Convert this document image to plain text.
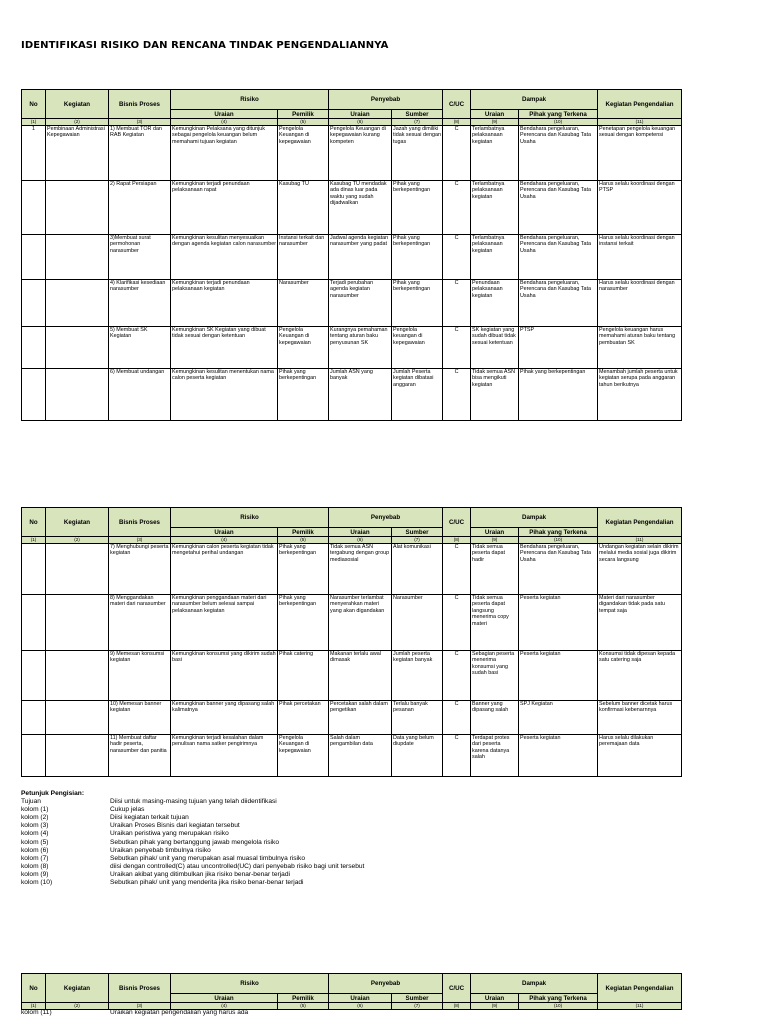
IDENTIFIKASI RISIKO DAN RENCANA TINDAK PENGENDALIANNYA
No	Kegiatan	Bisnis Proses	Risiko		Penyebab		C/UC	Dampak		Kegiatan Pengendalian
			Uraian	Pemilik	Uraian	Sumber		Uraian	Pihak yang Terkena	
(1)	(2)	(3)	(4)	(5)	(6)	(7)	(8)	(9)	(10)	(11)
1	Pembinaan Administrasi Kepegawaian	1) Membuat TOR dan RAB Kegiatan	Kemungkinan Pelaksana yang ditunjuk sebagai pengelola keuangan belum memahami tujuan kegiatan	Pengelola Keuangan di kepegawaian	Pengelola Keuangan di kepegawaian kurang kompeten	Jazah yang dimiliki tidak sesuai dengan tugas	C	Terlambatnya pelaksanaan kegiatan	Bendahara pengeluaran, Perencana dan Kasubag Tata Usaha	Penetapan pengelola keuangan sesuai dengan kompetensi
		2) Rapat Persiapan	Kemungkinan terjadi penundaan pelaksanaan rapat	Kasubag TU	Kasubag TU mendadak ada dinas luar pada waktu yang sudah dijadwalkan	Pihak yang berkepentingan	C	Terlambatnya pelaksanaan kegiatan	Bendahara pengeluaran, Perencana dan Kasubag Tata Usaha	Harus selalu koordinasi dengan PTSP
		3)Membuat surat permohonan narasumber	Kemungkinan kesulitan menyesuaikan dengan agenda kegiatan calon narasumber	Instansi terkait dan narasumber	Jadwal agenda kegiatan narasumber yang padat	Pihak yang berkepentingan	C	Terlambatnya pelaksanaan kegiatan	Bendahara pengeluaran, Perencana dan Kasubag Tata Usaha	Harus selalu koordinasi dengan instansi terkait
		4) Klarifikasi kesediaan narasumber	Kemungkinan terjadi penundaan pelaksanaan kegiatan	Narasumber	Terjadi perubahan agenda kegiatan narasumber	Pihak yang berkepentingan	C	Penundaan pelaksanaan kegiatan	Bendahara pengeluaran, Perencana dan Kasubag Tata Usaha	Harus selalu koordinasi dengan narasumber
		5) Membuat SK Kegiatan	Kemungkinan SK Kegiatan yang dibuat tidak sesuai dengan ketentuan	Pengelola Keuangan di kepegawaian	Kurangnya pemahaman tentang aturan baku penyusunan SK	Pengelola keuangan di kepegawaian	C	SK kegiatan yang sudah dibuat tidak sesuai ketentuan	PTSP	Pengelola keuangan harus memahami aturan baku tentang pembuatan SK
		6) Membuat undangan	Kemungkinan kesulitan menentukan nama calon peserta kegiatan	Pihak yang berkepentingan	Jumlah ASN yang banyak	Jumlah Peserta kegiatan dibatasi anggaran	C	Tidak semua ASN bisa mengikuti kegiatan	Pihak yang berkepentingan	Menambah jumlah peserta untuk kegiatan serupa pada anggaran tahun berikutnya
No	Kegiatan	Bisnis Proses	Risiko		Penyebab		C/UC	Dampak		Kegiatan Pengendalian
			Uraian	Pemilik	Uraian	Sumber		Uraian	Pihak yang Terkena	
(1)	(2)	(3)	(4)	(5)	(6)	(7)	(8)	(9)	(10)	(11)
		7) Menghubungi peserta kegiatan	Kemungkinan calon peserta kegiatan tidak mengetahui perihal undangan	Pihak yang berkepentingan	Tidak semua ASN tergabung dengan group mediasosial	Alat komunikasi	C	Tidak semua peserta dapat hadir	Bendahara pengeluaran, Perencana dan Kasubag Tata Usaha	Undangan kegiatan selain dikirim melalui media sosial juga dikirim secara langsung
		8) Menggandakan materi dari narasumber	Kemungkinan penggandaan materi dari narasumber belum selesai sampai pelaksanaan kegiatan	Pihak yang berkepentingan	Narasumber terlambat menyerahkan materi yang akan digandakan	Narasumber	C	Tidak semua peserta dapat langsung menerima copy materi	Peserta kegiatan	Materi dari narasumber digandakan tidak pada satu tempat saja
		9) Memesan konsumsi kegiatan	Kemungkinan konsumsi yang dikirim sudah basi	Pihak catering	Makanan terlalu awal dimasak	Jumlah peserta kegiatan banyak	C	Sebagian peserta menerima konsumsi yang sudah basi	Peserta kegiatan	Konsumsi tidak dipesan kepada satu catering saja
		10) Memesan banner kegiatan	Kemungkinan banner yang dipasang salah kalimatnya	Pihak percetakan	Percetakan salah dalam pengetikan	Terlalu banyak pesanan	C	Banner yang dipasang salah	SPJ Kegiatan	Sebelum banner dicetak harus konfirmasi kebenarnnya
		11) Membuat daftar hadir peserta, narasumber dan panitia	Kemungkinan terjadi kesalahan dalam penulisan nama satker pengirimnya	Pengelola Keuangan di kepegawaian	Salah dalam pengambilan data	Data yang belum diupdate	C	Terdapat protes dari peserta karena datanya salah	Peserta kegiatan	Harus selalu dilakukan peremajaan data
Petunjuk Pengisian:
Tujuan	Diisi untuk masing-masing tujuan yang telah diidentifikasi
kolom (1)	Cukup jelas
kolom (2)	Diisi kegiatan terkait tujuan
kolom (3)	Uraikan Proses Bisnis dari kegiatan tersebut
kolom (4)	Uraikan peristiwa yang merupakan risiko
kolom (5)	Sebutkan pihak yang bertanggung jawab mengelola risiko
kolom (6)	Uraikan penyebab timbulnya risiko
kolom (7)	Sebutkan pihak/ unit yang merupakan asal muasal timbulnya risiko
kolom (8)	diisi dengan controlled(C) atau uncontrolled(UC) dari penyebab risiko bagi unit tersebut
kolom (9)	Uraikan akibat yang ditimbulkan jika risiko benar-benar terjadi
kolom (10)	Sebutkan pihak/ unit yang menderita jika risiko benar-benar terjadi
No	Kegiatan	Bisnis Proses	Risiko		Penyebab		C/UC	Dampak		Kegiatan Pengendalian
			Uraian	Pemilik	Uraian	Sumber		Uraian	Pihak yang Terkena	
(1)	(2)	(3)	(4)	(5)	(6)	(7)	(8)	(9)	(10)	(11)
kolom (11)	Uraikan kegiatan pengendalian yang harus ada
